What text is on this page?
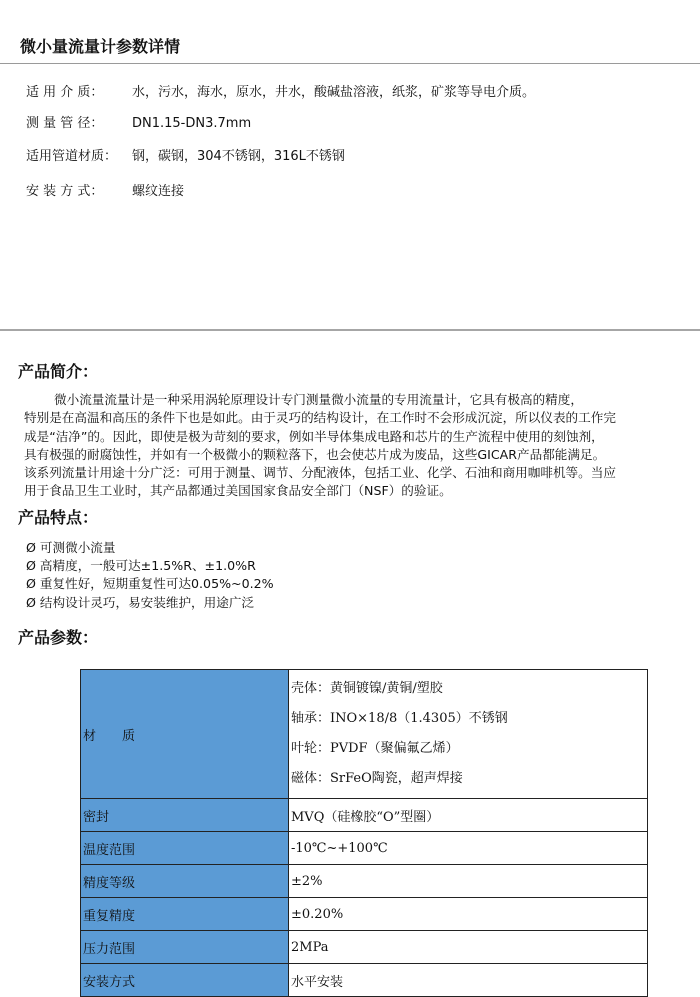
微小量流量计参数详情
适 用 介 质： 水，污水，海水，原水，井水，酸碱盐溶液，纸浆，矿浆等导电介质。
测 量 管 径： DN1.15-DN3.7mm
适用管道材质： 钢，碳钢，304不锈钢，316L不锈钢
安 装 方 式： 螺纹连接
产品简介：
微小流量流量计是一种采用涡轮原理设计专门测量微小流量的专用流量计，它具有极高的精度，
特别是在高温和高压的条件下也是如此。由于灵巧的结构设计，在工作时不会形成沉淀，所以仪表的工作完
成是“洁净”的。因此，即使是极为苛刻的要求，例如半导体集成电路和芯片的生产流程中使用的刻蚀剂，
具有极强的耐腐蚀性，并如有一个极微小的颗粒落下，也会使芯片成为废品，这些GICAR产品都能满足。
该系列流量计用途十分广泛：可用于测量、调节、分配液体，包括工业、化学、石油和商用咖啡机等。当应
用于食品卫生工业时，其产品都通过美国国家食品安全部门（NSF）的验证。
产品特点：
Ø 可测微小流量
Ø 高精度，一般可达±1.5%R、±1.0%R
Ø 重复性好，短期重复性可达0.05%~0.2%
Ø 结构设计灵巧，易安装维护，用途广泛
产品参数：
材　　质	壳体：黄铜镀镍/黄铜/塑胶
轴承：INO×18/8（1.4305）不锈钢
叶轮：PVDF（聚偏氟乙烯）
磁体：SrFeO陶瓷，超声焊接

密封	MVQ（硅橡胶“O”型圈）
温度范围	-10℃~+100℃
精度等级	±2%
重复精度	±0.20%
压力范围	2MPa
安装方式	水平安装
